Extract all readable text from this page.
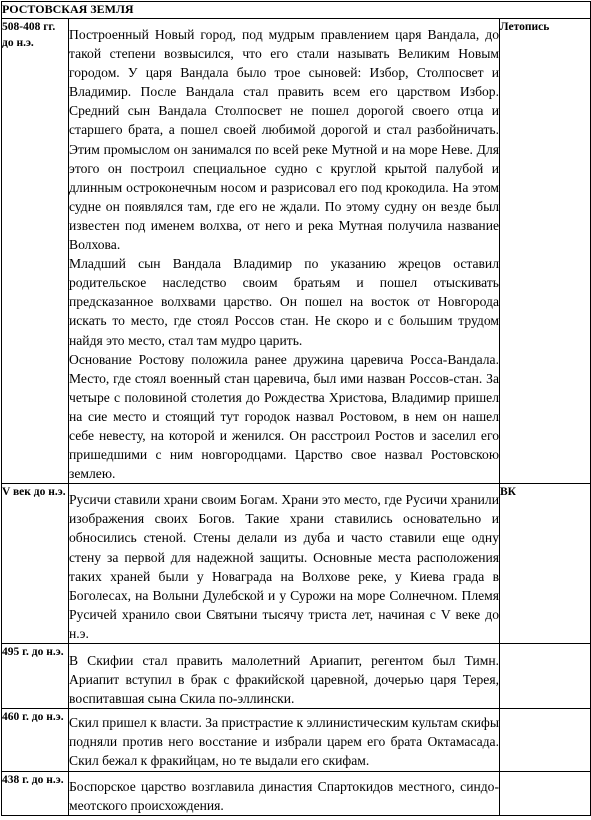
РОСТОВСКАЯ ЗЕМЛЯ		
508-408 гг. до н.э.	Построенный Новый город, под мудрым правлением царя Вандала, до такой степени возвысился, что его стали называть Великим Новым городом. У царя Вандала было трое сыновей: Избор, Столпосвет и Владимир. После Вандала стал править всем его царством Избор. Средний сын Вандала Столпосвет не пошел дорогой своего отца и старшего брата, а пошел своей любимой дорогой и стал разбойничать. Этим промыслом он занимался по всей реке Мутной и на море Неве. Для этого он построил специальное судно с круглой крытой палубой и длинным остроконечным носом и разрисовал его под крокодила. На этом судне он появлялся там, где его не ждали. По этому судну он везде был известен под именем волхва, от него и река Мутная получила название Волхова.

Младший сын Вандала Владимир по указанию жрецов оставил родительское наследство своим братьям и пошел отыскивать предсказанное волхвами царство. Он пошел на восток от Новгорода искать то место, где стоял Россов стан. Не скоро и с большим трудом найдя это место, стал там мудро царить.

Основание Ростову положила ранее дружина царевича Росса-Вандала. Место, где стоял военный стан царевича, был ими назван Россов-стан. За четыре с половиной столетия до Рождества Христова, Владимир пришел на сие место и стоящий тут городок назвал Ростовом, в нем он нашел себе невесту, на которой и женился. Он расстроил Ростов и заселил его пришедшими с ним новгородцами. Царство свое назвал Ростовскою землею.	Летопись
V век до н.э.	Русичи ставили храни своим Богам. Храни это место, где Русичи хранили изображения своих Богов. Такие храни ставились основательно и обносились стеной. Стены делали из дуба и часто ставили еще одну стену за первой для надежной защиты. Основные места расположения таких храней были у Новаграда на Волхове реке, у Киева града в Боголесах, на Волыни Дулебской и у Сурожи на море Солнечном. Племя Русичей хранило свои Святыни тысячу триста лет, начиная с V веке до н.э.	ВК
495 г. до н.э.	В Скифии стал править малолетний Ариапит, регентом был Тимн. Ариапит вступил в брак с фракийской царевной, дочерью царя Терея, воспитавшая сына Скила по-эллински.	

460 г. до н.э.	Скил пришел к власти. За пристрастие к эллинистическим культам скифы подняли против него восстание и избрали царем его брата Октамасада. Скил бежал к фракийцам, но те выдали его скифам.	

438 г. до н.э.	Боспорское царство возглавила династия Спартокидов местного, синдо-меотского происхождения.	
